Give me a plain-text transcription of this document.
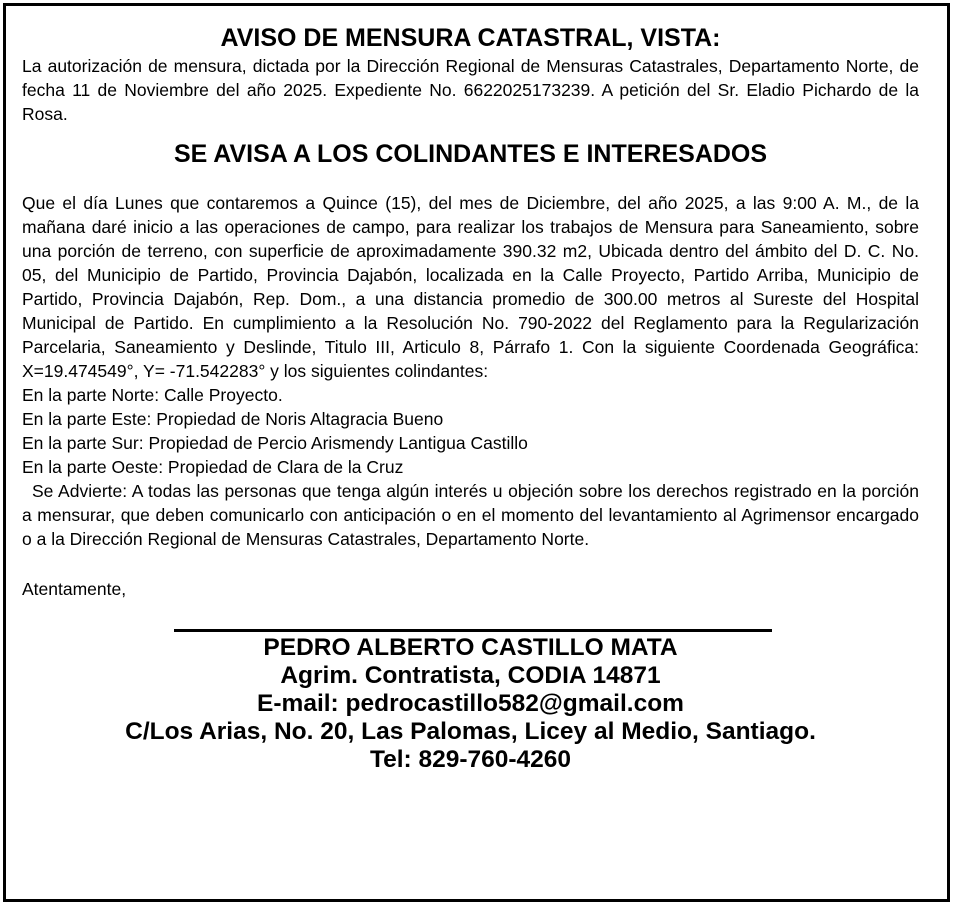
AVISO DE MENSURA CATASTRAL, VISTA:

La autorización de mensura, dictada por la Dirección Regional de Mensuras Catastrales, Departamento Norte, de fecha 11 de Noviembre del año 2025. Expediente No. 6622025173239. A petición del Sr. Eladio Pichardo de la Rosa.

SE AVISA A LOS COLINDANTES E INTERESADOS

Que el día Lunes que contaremos a Quince (15), del mes de Diciembre, del año 2025, a las 9:00 A. M., de la mañana daré inicio a las operaciones de campo, para realizar los trabajos de Mensura para Saneamiento, sobre una porción de terreno, con superficie de aproximadamente 390.32 m2, Ubicada dentro del ámbito del D. C. No. 05, del Municipio de Partido, Provincia Dajabón, localizada en la Calle Proyecto, Partido Arriba, Municipio de Partido, Provincia Dajabón, Rep. Dom., a una distancia promedio de 300.00 metros al Sureste del Hospital Municipal de Partido. En cumplimiento a la Resolución No. 790-2022 del Reglamento para la Regularización Parcelaria, Saneamiento y Deslinde, Titulo III, Articulo 8, Párrafo 1. Con la siguiente Coordenada Geográfica: X=19.474549°, Y= -71.542283° y los siguientes colindantes:

En la parte Norte: Calle Proyecto.

En la parte Este: Propiedad de Noris Altagracia Bueno

En la parte Sur: Propiedad de Percio Arismendy Lantigua Castillo

En la parte Oeste: Propiedad de Clara de la Cruz

Se Advierte: A todas las personas que tenga algún interés u objeción sobre los derechos registrado en la porción a mensurar, que deben comunicarlo con anticipación o en el momento del levantamiento al Agrimensor encargado o a la Dirección Regional de Mensuras Catastrales, Departamento Norte.

Atentamente,

PEDRO ALBERTO CASTILLO MATA

Agrim. Contratista, CODIA 14871

E-mail: pedrocastillo582@gmail.com

C/Los Arias, No. 20, Las Palomas, Licey al Medio, Santiago.

Tel: 829-760-4260
